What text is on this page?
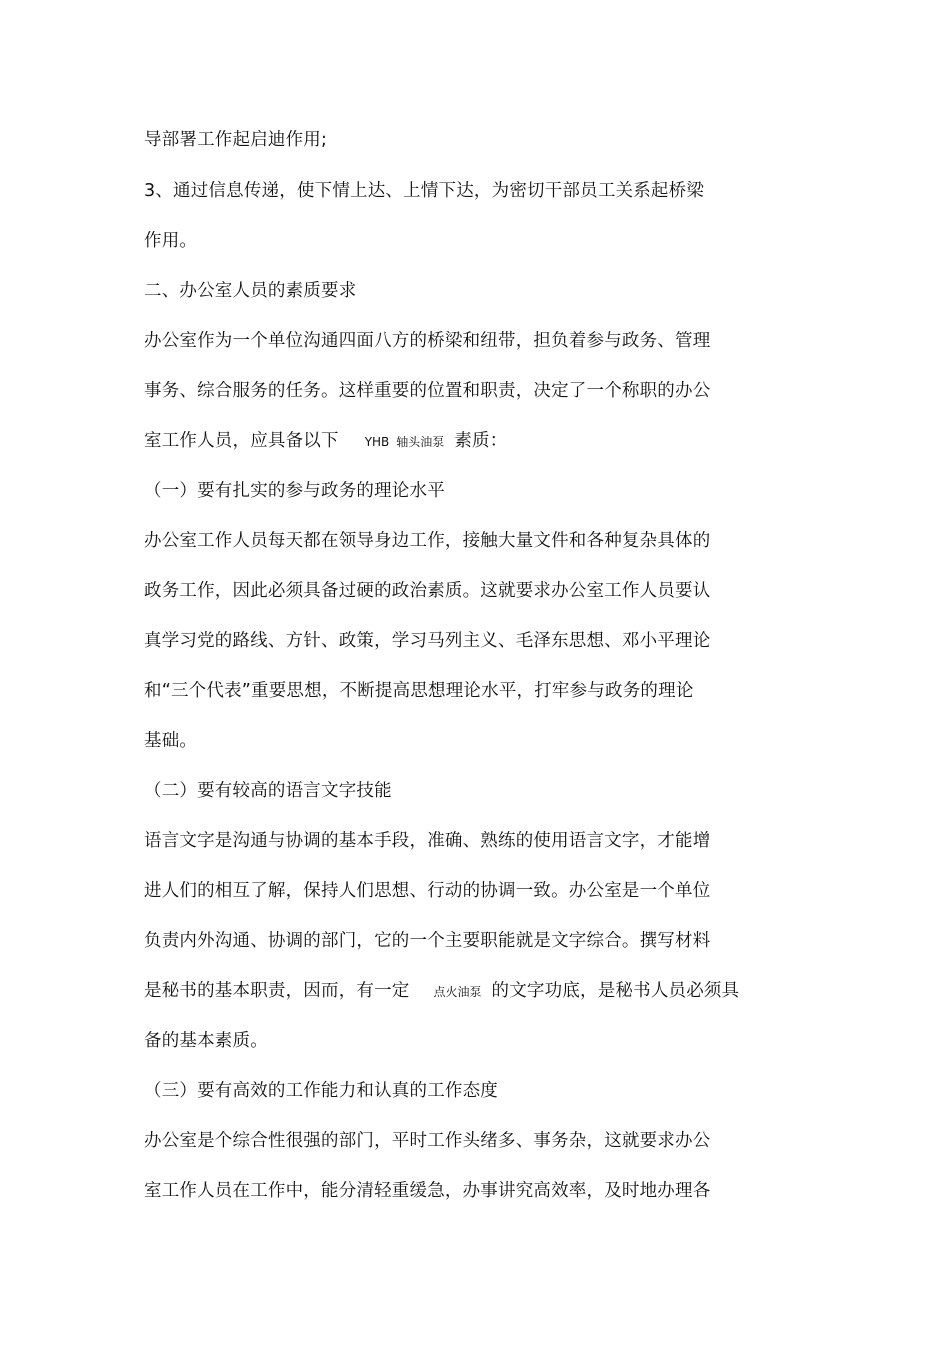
导部署工作起启迪作用;
3、通过信息传递，使下情上达、上情下达，为密切干部员工关系起桥梁
作用。
二、办公室人员的素质要求
办公室作为一个单位沟通四面八方的桥梁和纽带，担负着参与政务、管理
事务、综合服务的任务。这样重要的位置和职责，决定了一个称职的办公
室工作人员，应具备以下 YHB 轴头油泵 素质：
（一）要有扎实的参与政务的理论水平
办公室工作人员每天都在领导身边工作，接触大量文件和各种复杂具体的
政务工作，因此必须具备过硬的政治素质。这就要求办公室工作人员要认
真学习党的路线、方针、政策，学习马列主义、毛泽东思想、邓小平理论
和“三个代表”重要思想，不断提高思想理论水平，打牢参与政务的理论
基础。
（二）要有较高的语言文字技能
语言文字是沟通与协调的基本手段，准确、熟练的使用语言文字，才能增
进人们的相互了解，保持人们思想、行动的协调一致。办公室是一个单位
负责内外沟通、协调的部门，它的一个主要职能就是文字综合。撰写材料
是秘书的基本职责，因而，有一定 点火油泵 的文字功底，是秘书人员必须具
备的基本素质。
（三）要有高效的工作能力和认真的工作态度
办公室是个综合性很强的部门，平时工作头绪多、事务杂，这就要求办公
室工作人员在工作中，能分清轻重缓急，办事讲究高效率，及时地办理各
